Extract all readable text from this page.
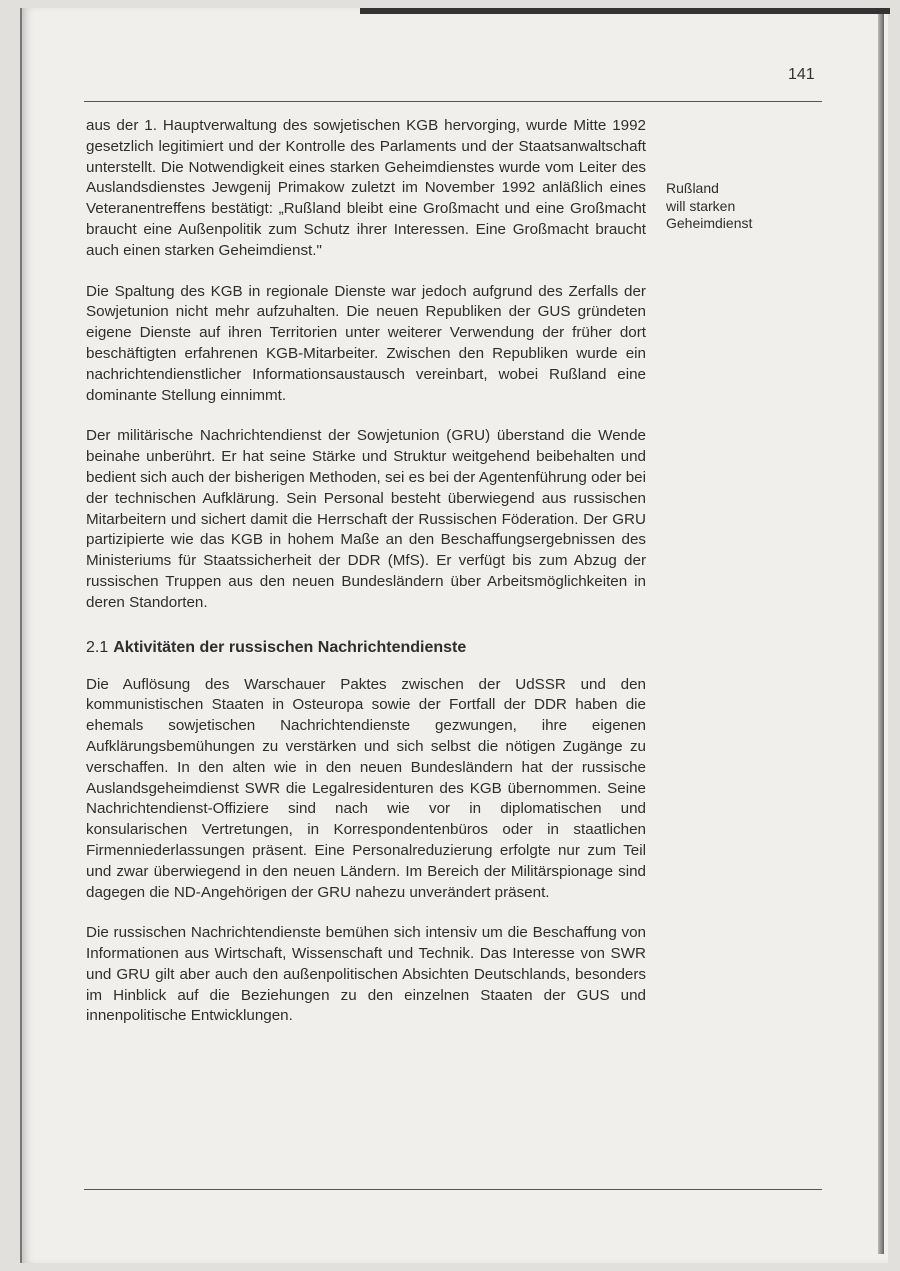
141

aus der 1. Hauptverwaltung des sowjetischen KGB hervorging, wurde Mitte 1992 gesetzlich legitimiert und der Kontrolle des Parlaments und der Staatsanwaltschaft unterstellt. Die Notwendigkeit eines starken Geheimdienstes wurde vom Leiter des Auslandsdienstes Jewgenij Primakow zuletzt im November 1992 anläßlich eines Veteranentreffens bestätigt: „Rußland bleibt eine Großmacht und eine Großmacht braucht eine Außenpolitik zum Schutz ihrer Interessen. Eine Großmacht braucht auch einen starken Geheimdienst."

Die Spaltung des KGB in regionale Dienste war jedoch aufgrund des Zerfalls der Sowjetunion nicht mehr aufzuhalten. Die neuen Republiken der GUS gründeten eigene Dienste auf ihren Territorien unter weiterer Verwendung der früher dort beschäftigten erfahrenen KGB-Mitarbeiter. Zwischen den Republiken wurde ein nachrichtendienstlicher Informationsaustausch vereinbart, wobei Rußland eine dominante Stellung einnimmt.

Der militärische Nachrichtendienst der Sowjetunion (GRU) überstand die Wende beinahe unberührt. Er hat seine Stärke und Struktur weitgehend beibehalten und bedient sich auch der bisherigen Methoden, sei es bei der Agentenführung oder bei der technischen Aufklärung. Sein Personal besteht überwiegend aus russischen Mitarbeitern und sichert damit die Herrschaft der Russischen Föderation. Der GRU partizipierte wie das KGB in hohem Maße an den Beschaffungsergebnissen des Ministeriums für Staatssicherheit der DDR (MfS). Er verfügt bis zum Abzug der russischen Truppen aus den neuen Bundesländern über Arbeitsmöglichkeiten in deren Standorten.

2.1 Aktivitäten der russischen Nachrichtendienste

Die Auflösung des Warschauer Paktes zwischen der UdSSR und den kommunistischen Staaten in Osteuropa sowie der Fortfall der DDR haben die ehemals sowjetischen Nachrichtendienste gezwungen, ihre eigenen Aufklärungsbemühungen zu verstärken und sich selbst die nötigen Zugänge zu verschaffen. In den alten wie in den neuen Bundesländern hat der russische Auslandsgeheimdienst SWR die Legalresidenturen des KGB übernommen. Seine Nachrichtendienst-Offiziere sind nach wie vor in diplomatischen und konsularischen Vertretungen, in Korrespondentenbüros oder in staatlichen Firmenniederlassungen präsent. Eine Personalreduzierung erfolgte nur zum Teil und zwar überwiegend in den neuen Ländern. Im Bereich der Militärspionage sind dagegen die ND-Angehörigen der GRU nahezu unverändert präsent.

Die russischen Nachrichtendienste bemühen sich intensiv um die Beschaffung von Informationen aus Wirtschaft, Wissenschaft und Technik. Das Interesse von SWR und GRU gilt aber auch den außenpolitischen Absichten Deutschlands, besonders im Hinblick auf die Beziehungen zu den einzelnen Staaten der GUS und innenpolitische Entwicklungen.

Rußland
will starken
Geheimdienst
